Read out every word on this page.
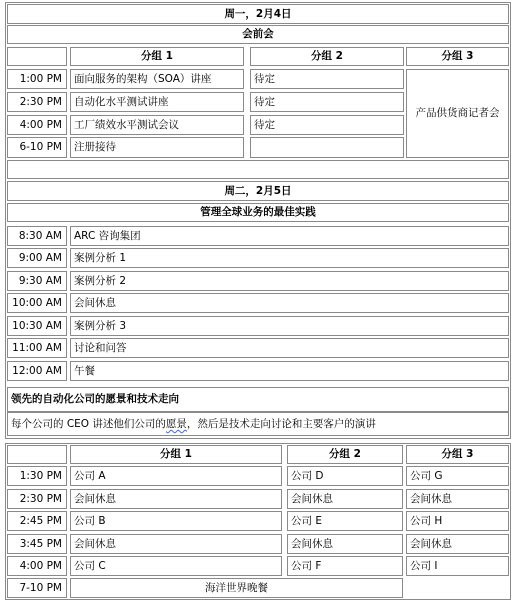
周一，2月4日
会前会
分组 1	分组 2	分组 3
1:00 PM	面向服务的架构（SOA）讲座	待定
2:30 PM	自动化水平测试讲座	待定
4:00 PM	工厂绩效水平测试会议	待定
6-10 PM	注册接待
产品供货商记者会
周二，2月5日
管理全球业务的最佳实践
8:30 AM	ARC 咨询集团
9:00 AM	案例分析 1
9:30 AM	案例分析 2
10:00 AM	会间休息
10:30 AM	案例分析 3
11:00 AM	讨论和问答
12:00 AM	午餐
领先的自动化公司的愿景和技术走向
每个公司的 CEO 讲述他们公司的 愿景 ，然后是技术走向讨论和主要客户的演讲
分组 1	分组 2	分组 3
1:30 PM	公司 A	公司 D	公司 G
2:30 PM	会间休息	会间休息	会间休息
2:45 PM	公司 B	公司 E	公司 H
3:45 PM	会间休息	会间休息	会间休息
4:00 PM	公司 C	公司 F	公司 I
7-10 PM	海洋世界晚餐
